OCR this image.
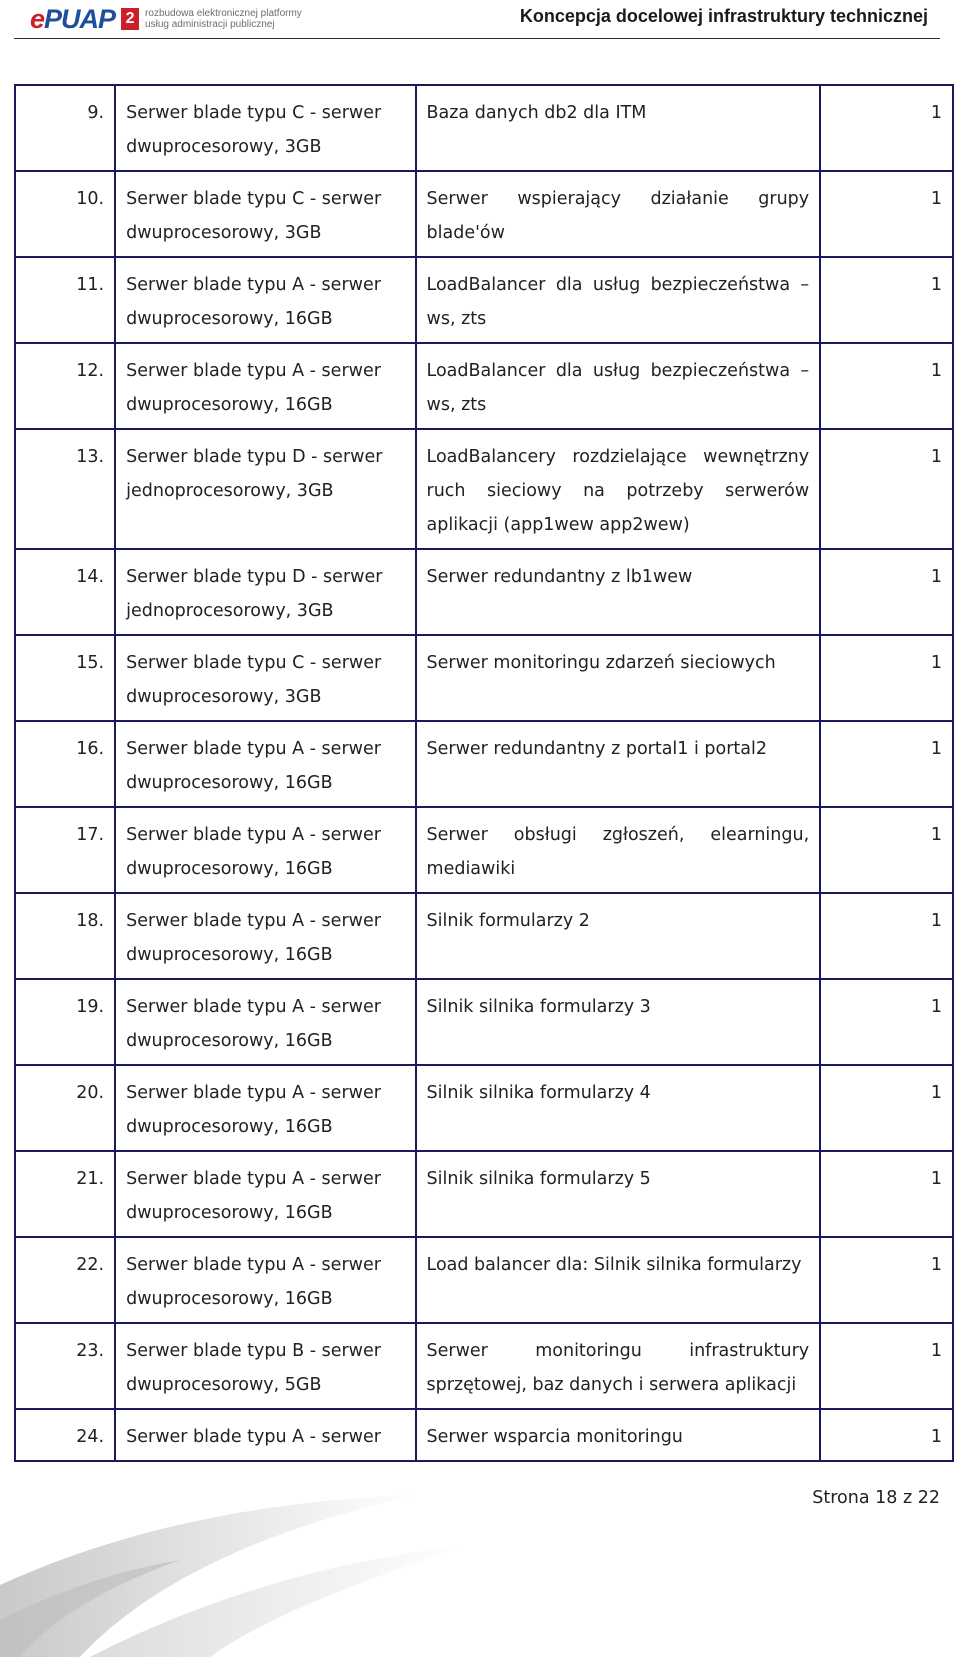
ePUAP 2	rozbudowa elektronicznej platformy
usług administracji publicznej	Koncepcja docelowej infrastruktury technicznej
9.	Serwer blade typu C - serwer dwuprocesorowy, 3GB	Baza danych db2 dla ITM	1
10.	Serwer blade typu C - serwer dwuprocesorowy, 3GB	Serwer wspierający działanie grupy blade'ów	1
11.	Serwer blade typu A - serwer dwuprocesorowy, 16GB	LoadBalancer dla usług bezpieczeństwa – ws, zts	1
12.	Serwer blade typu A - serwer dwuprocesorowy, 16GB	LoadBalancer dla usług bezpieczeństwa – ws, zts	1
13.	Serwer blade typu D - serwer jednoprocesorowy, 3GB	LoadBalancery rozdzielające wewnętrzny ruch sieciowy na potrzeby serwerów aplikacji (app1wew app2wew)	1
14.	Serwer blade typu D - serwer jednoprocesorowy, 3GB	Serwer redundantny z lb1wew	1
15.	Serwer blade typu C - serwer dwuprocesorowy, 3GB	Serwer monitoringu zdarzeń sieciowych	1
16.	Serwer blade typu A - serwer dwuprocesorowy, 16GB	Serwer redundantny z portal1 i portal2	1
17.	Serwer blade typu A - serwer dwuprocesorowy, 16GB	Serwer obsługi zgłoszeń, elearningu, mediawiki	1
18.	Serwer blade typu A - serwer dwuprocesorowy, 16GB	Silnik formularzy 2	1
19.	Serwer blade typu A - serwer dwuprocesorowy, 16GB	Silnik silnika formularzy 3	1
20.	Serwer blade typu A - serwer dwuprocesorowy, 16GB	Silnik silnika formularzy 4	1
21.	Serwer blade typu A - serwer dwuprocesorowy, 16GB	Silnik silnika formularzy 5	1
22.	Serwer blade typu A - serwer dwuprocesorowy, 16GB	Load balancer dla: Silnik silnika formularzy	1
23.	Serwer blade typu B - serwer dwuprocesorowy, 5GB	Serwer monitoringu infrastruktury sprzętowej, baz danych i serwera aplikacji	1
24.	Serwer blade typu A - serwer	Serwer wsparcia monitoringu	1
Strona 18 z 22
